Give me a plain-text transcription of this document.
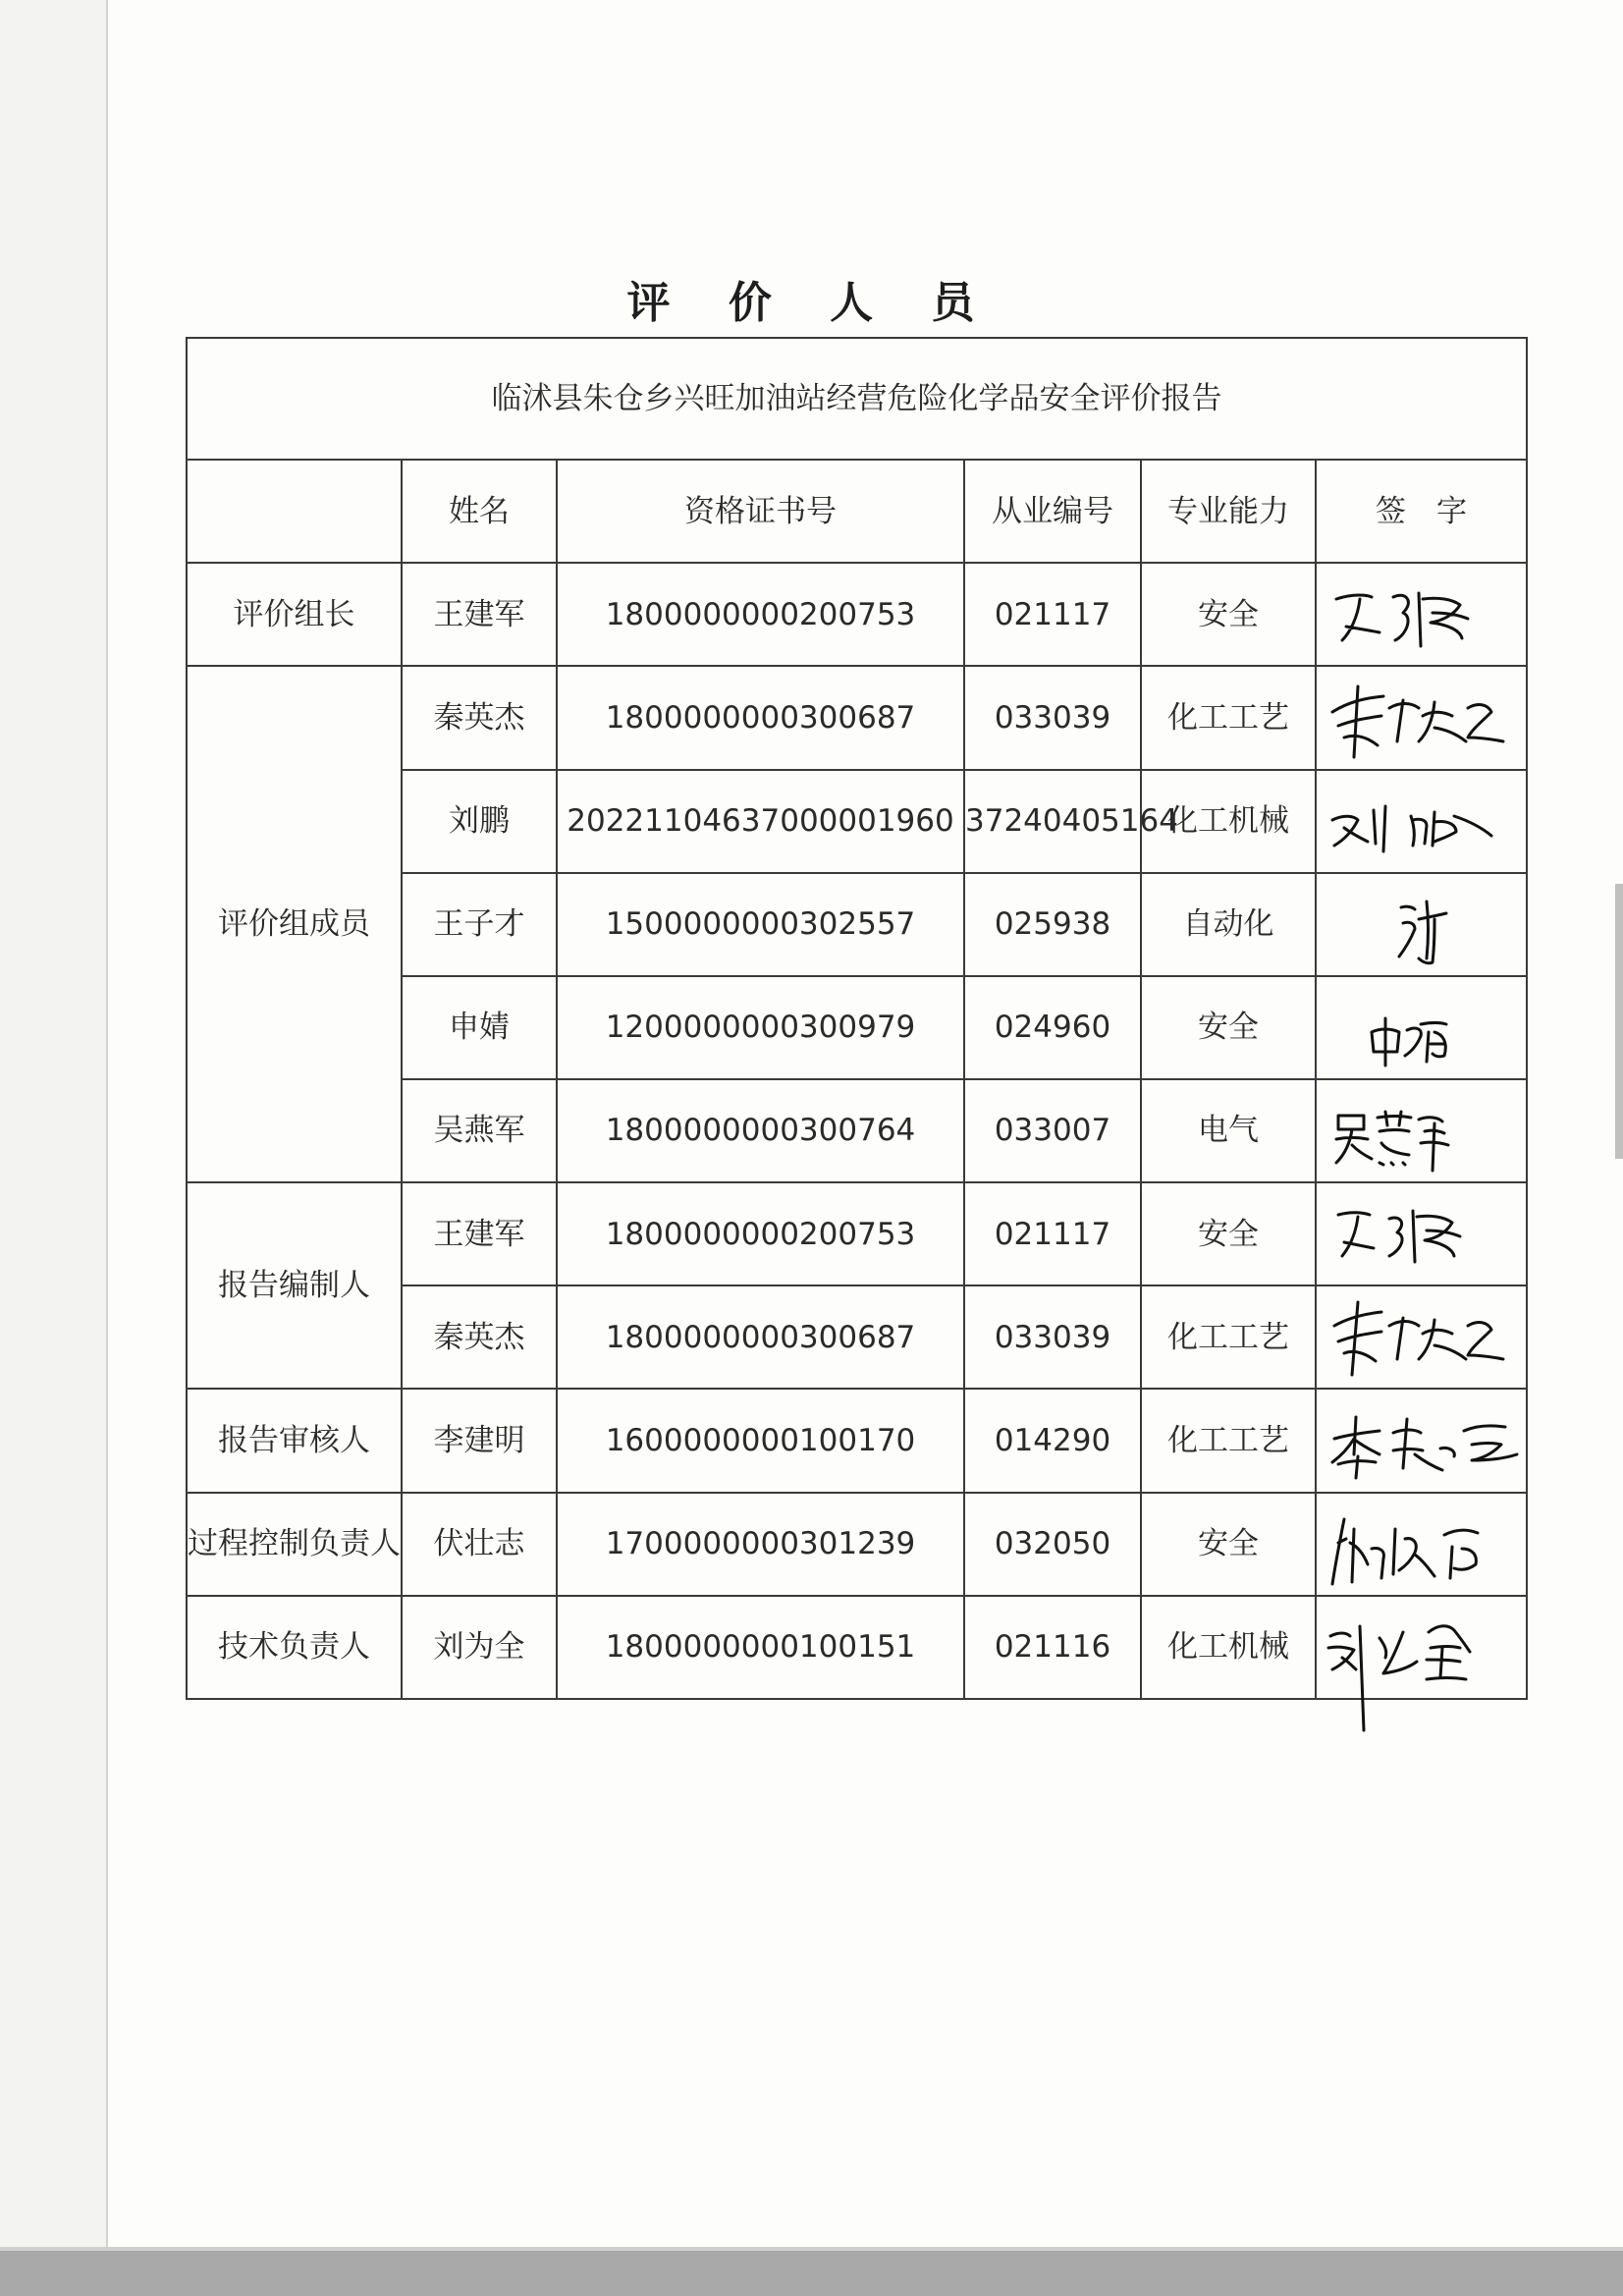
评 价 人 员
临沭县朱仓乡兴旺加油站经营危险化学品安全评价报告					
	姓名	资格证书号	从业编号	专业能力	签　字
评价组长	王建军	1800000000200753	021117	安全	

评价组成员	秦英杰	1800000000300687	033039	化工工艺	

	刘鹏	20221104637000001960	37240405164	化工机械	

	王子才	1500000000302557	025938	自动化	

	申婧	1200000000300979	024960	安全	

	吴燕军	1800000000300764	033007	电气	

报告编制人	王建军	1800000000200753	021117	安全	

	秦英杰	1800000000300687	033039	化工工艺	

报告审核人	李建明	1600000000100170	014290	化工工艺	

过程控制负责人	伏壮志	1700000000301239	032050	安全	

技术负责人	刘为全	1800000000100151	021116	化工机械	
